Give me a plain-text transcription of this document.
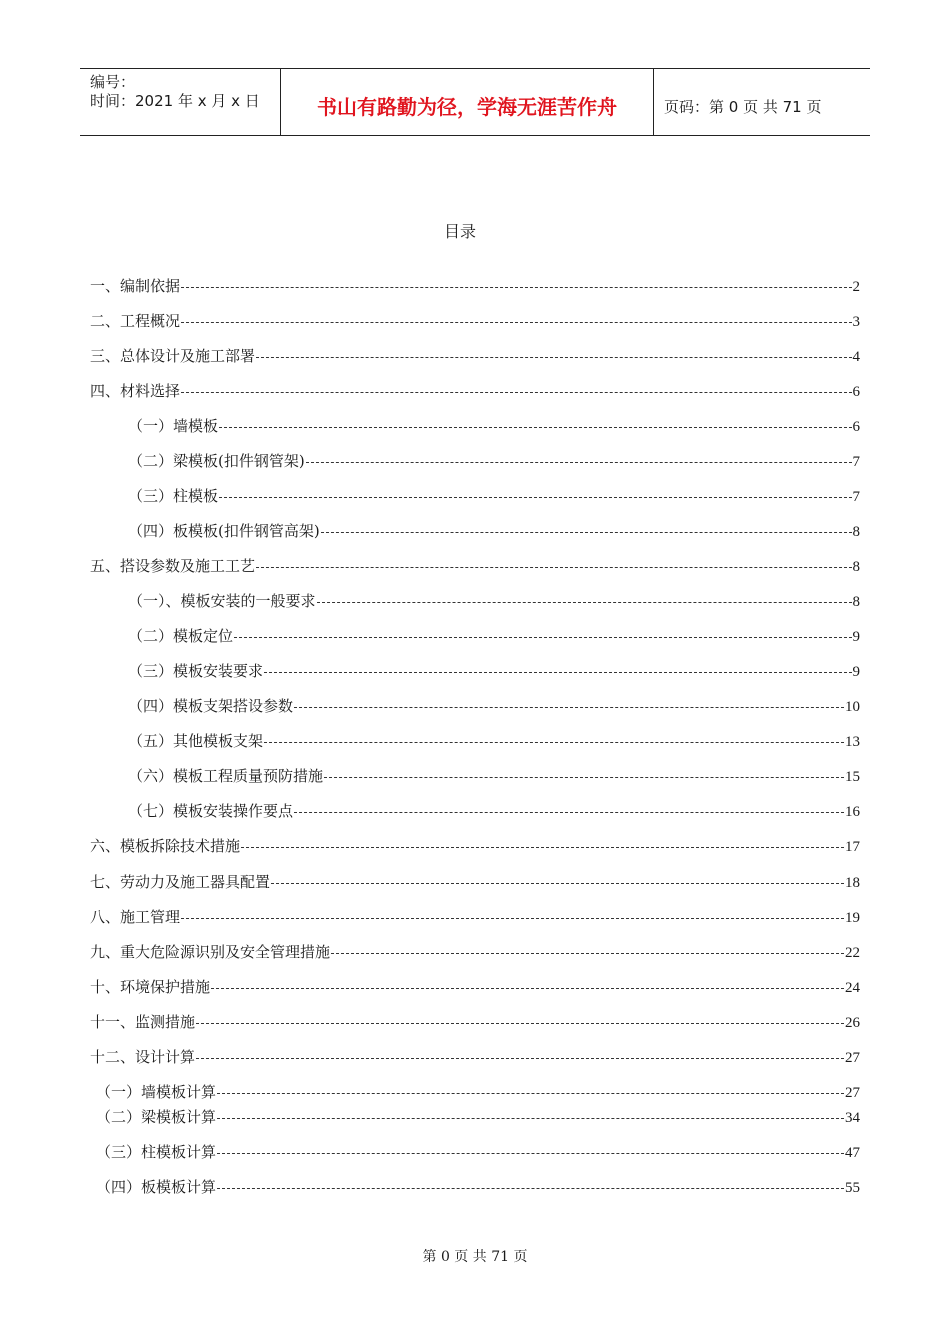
编号：
时间：2021 年 x 月 x 日	书山有路勤为径，学海无涯苦作舟	页码：第 0 页 共 71 页
目录
一、编制依据	2
二、工程概况	3
三、总体设计及施工部署	4
四、材料选择	6
（一）墙模板	6
（二）梁模板(扣件钢管架)	7
（三）柱模板	7
（四）板模板(扣件钢管高架)	8
五、搭设参数及施工工艺	8
（一）、模板安装的一般要求	8
（二）模板定位	9
（三）模板安装要求	9
（四）模板支架搭设参数	10
（五）其他模板支架	13
（六）模板工程质量预防措施	15
（七）模板安装操作要点	16
六、模板拆除技术措施	17
七、劳动力及施工器具配置	18
八、施工管理	19
九、重大危险源识别及安全管理措施	22
十、环境保护措施	24
十一、监测措施	26
十二、设计计算	27
（一）墙模板计算	27
（二）梁模板计算	34
（三）柱模板计算	47
（四）板模板计算	55
第 0 页 共 71 页
